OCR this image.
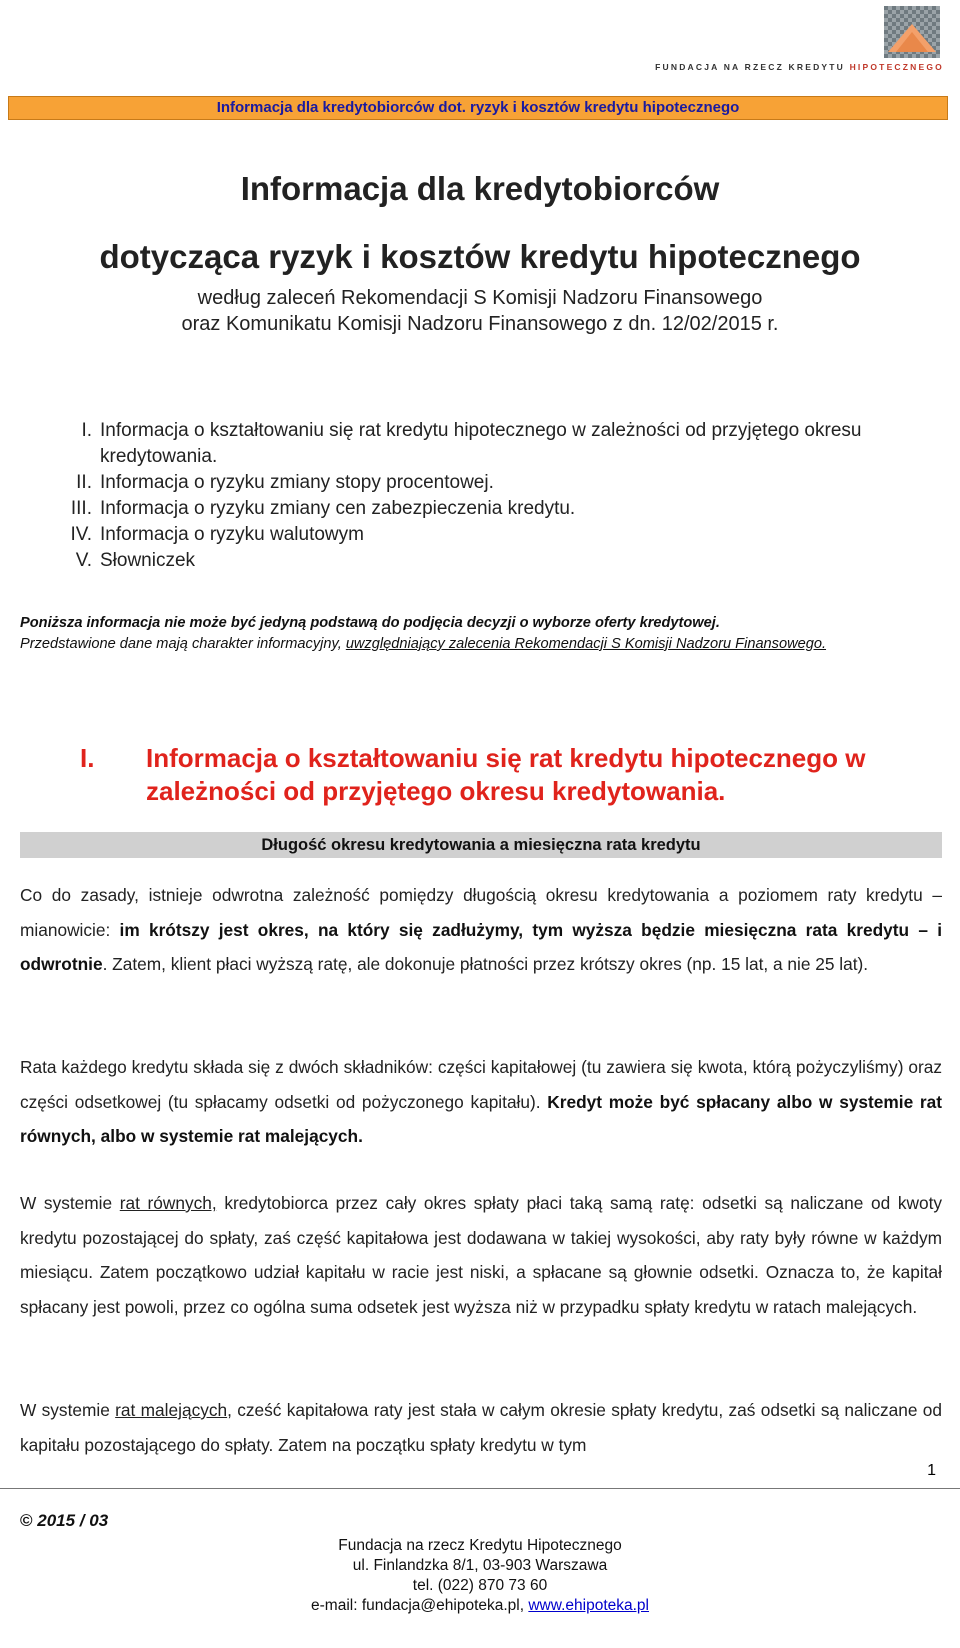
FUNDACJA NA RZECZ KREDYTU HIPOTECZNEGO
Informacja dla kredytobiorców dot. ryzyk i kosztów kredytu hipotecznego
Informacja dla kredytobiorców
dotycząca ryzyk i kosztów kredytu hipotecznego
według zaleceń Rekomendacji S Komisji Nadzoru Finansowego
oraz Komunikatu Komisji Nadzoru Finansowego z dn. 12/02/2015 r.
I. Informacja o kształtowaniu się rat kredytu hipotecznego w zależności od przyjętego okresu kredytowania.
II. Informacja o ryzyku zmiany stopy procentowej.
III. Informacja o ryzyku zmiany cen zabezpieczenia kredytu.
IV. Informacja o ryzyku walutowym
V. Słowniczek
Poniższa informacja nie może być jedyną podstawą do podjęcia decyzji o wyborze oferty kredytowej.
Przedstawione dane mają charakter informacyjny, uwzględniający zalecenia Rekomendacji S Komisji Nadzoru Finansowego.
I.	Informacja o kształtowaniu się rat kredytu hipotecznego w zależności od przyjętego okresu kredytowania.
Długość okresu kredytowania a miesięczna rata kredytu
Co do zasady, istnieje odwrotna zależność pomiędzy długością okresu kredytowania a poziomem raty kredytu – mianowicie: im krótszy jest okres, na który się zadłużymy, tym wyższa będzie miesięczna rata kredytu – i odwrotnie. Zatem, klient płaci wyższą ratę, ale dokonuje płatności przez krótszy okres (np. 15 lat, a nie 25 lat).
Rata każdego kredytu składa się z dwóch składników: części kapitałowej (tu zawiera się kwota, którą pożyczyliśmy) oraz części odsetkowej (tu spłacamy odsetki od pożyczonego kapitału). Kredyt może być spłacany albo w systemie rat równych, albo w systemie rat malejących.
W systemie rat równych, kredytobiorca przez cały okres spłaty płaci taką samą ratę: odsetki są naliczane od kwoty kredytu pozostającej do spłaty, zaś część kapitałowa jest dodawana w takiej wysokości, aby raty były równe w każdym miesiącu. Zatem początkowo udział kapitału w racie jest niski, a spłacane są głownie odsetki. Oznacza to, że kapitał spłacany jest powoli, przez co ogólna suma odsetek jest wyższa niż w przypadku spłaty kredytu w ratach malejących.
W systemie rat malejących, cześć kapitałowa raty jest stała w całym okresie spłaty kredytu, zaś odsetki są naliczane od kapitału pozostającego do spłaty. Zatem na początku spłaty kredytu w tym
1
© 2015 / 03
Fundacja na rzecz Kredytu Hipotecznego
ul. Finlandzka 8/1, 03-903 Warszawa
tel. (022) 870 73 60
e-mail: fundacja@ehipoteka.pl, www.ehipoteka.pl
